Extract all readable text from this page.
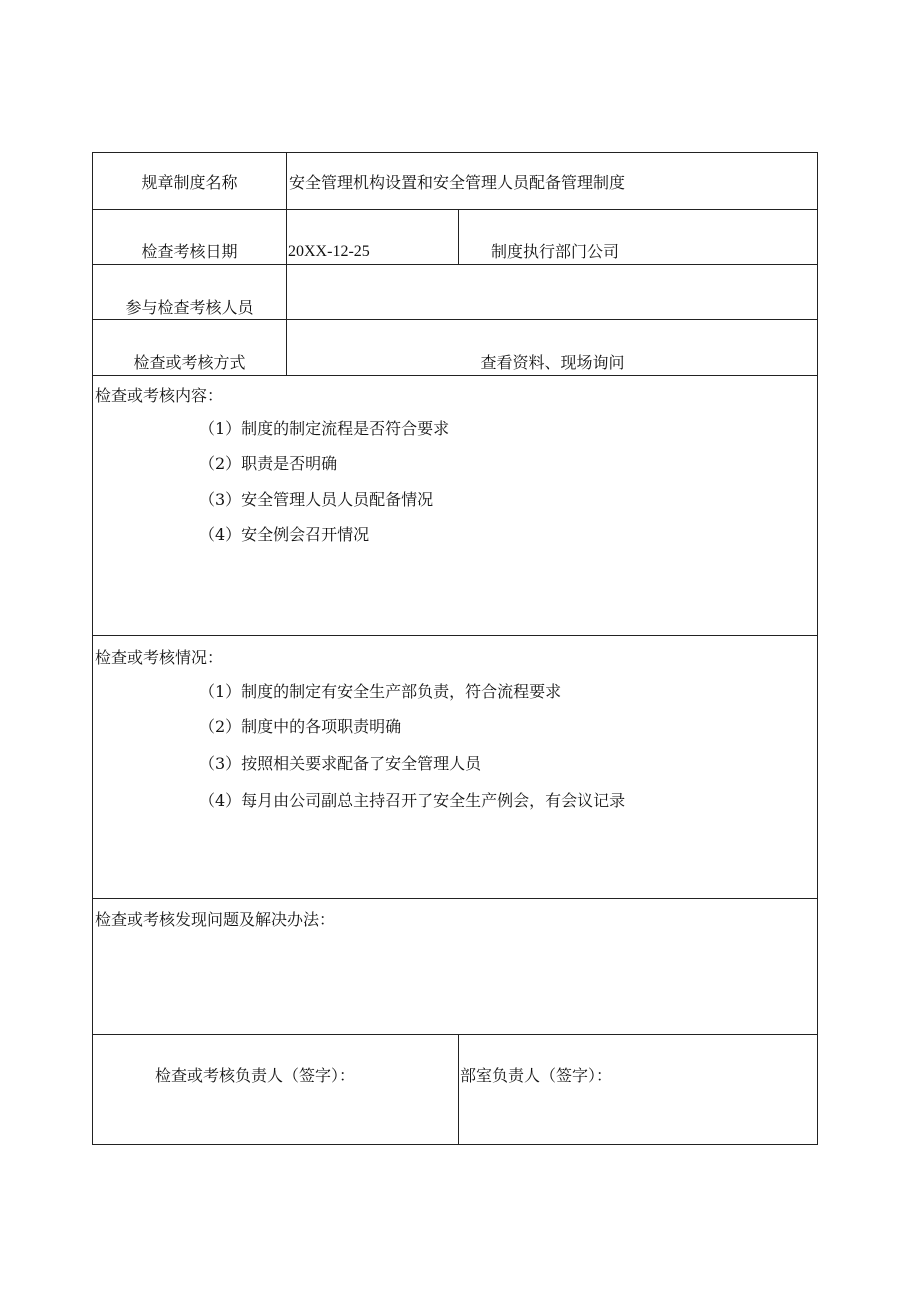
规章制度名称	安全管理机构设置和安全管理人员配备管理制度
检查考核日期	20XX-12-25	制度执行部门公司
参与检查考核人员
检查或考核方式	查看资料、现场询问
检查或考核内容：
（1）制度的制定流程是否符合要求
（2）职责是否明确
（3）安全管理人员人员配备情况
（4）安全例会召开情况
检查或考核情况：
（1）制度的制定有安全生产部负责，符合流程要求
（2）制度中的各项职责明确
（3）按照相关要求配备了安全管理人员
（4）每月由公司副总主持召开了安全生产例会，有会议记录
检查或考核发现问题及解决办法：
检查或考核负责人（签字）：	部室负责人（签字）：
